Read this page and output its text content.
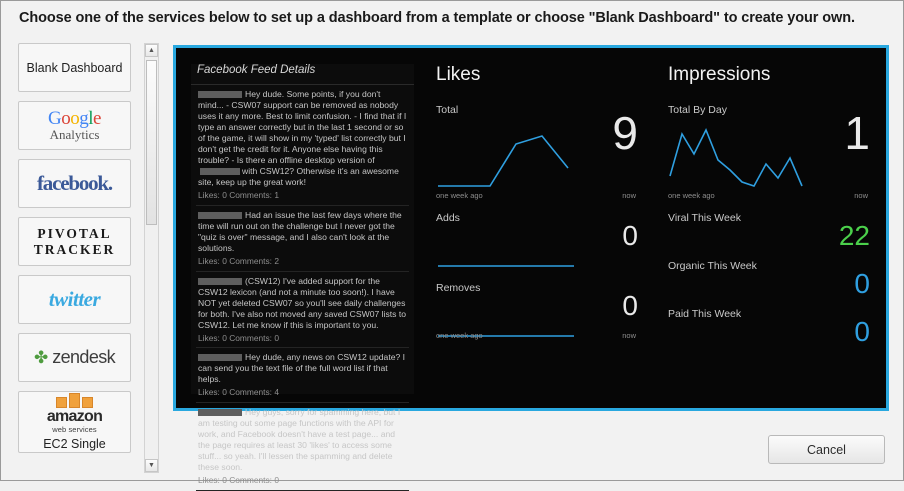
Choose one of the services below to set up a dashboard from a template or choose "Blank Dashboard" to create your own.
Blank Dashboard
Google
Analytics
facebook.
PIVOTAL
TRACKER
twitter
✤ zendesk
amazon
web services
EC2 Single
▲
▼
Facebook Feed Details
Hey dude. Some points, if you don't mind... - CSW07 support can be removed as nobody uses it any more. Best to limit confusion. - I find that if I type an answer correctly but in the last 1 second or so of the game, it will show in my 'typed' list correctly but I don't get the credit for it. Anyone else having this trouble? - Is there an offline desktop version ofwith CSW12? Otherwise it's an awesome site, keep up the great work!
Likes: 0 Comments: 1
Had an issue the last few days where the time will run out on the challenge but I never got the "quiz is over" message, and I also can't look at the solutions.
Likes: 0 Comments: 2
(CSW12) I've added support for the CSW12 lexicon (and not a minute too soon!). I have NOT yet deleted CSW07 so you'll see daily challenges for both. I've also not moved any saved CSW07 lists to CSW12. Let me know if this is important to you.
Likes: 0 Comments: 0
Hey dude, any news on CSW12 update? I can send you the text file of the full word list if that helps.
Likes: 0 Comments: 4
Hey guys, sorry for spamming here, but I am testing out some page functions with the API for work, and Facebook doesn't have a test page... and the page requires at least 30 'likes' to access some stuff... so yeah. I'll lessen the spamming and delete these soon.
Likes: 0 Comments: 0
Likes
Total	9
one week ago	now
Adds
0
Removes
0
one week ago	now
Impressions
Total By Day	1
one week ago	now
Viral This Week
22
Organic This Week
0
Paid This Week
0
Cancel
